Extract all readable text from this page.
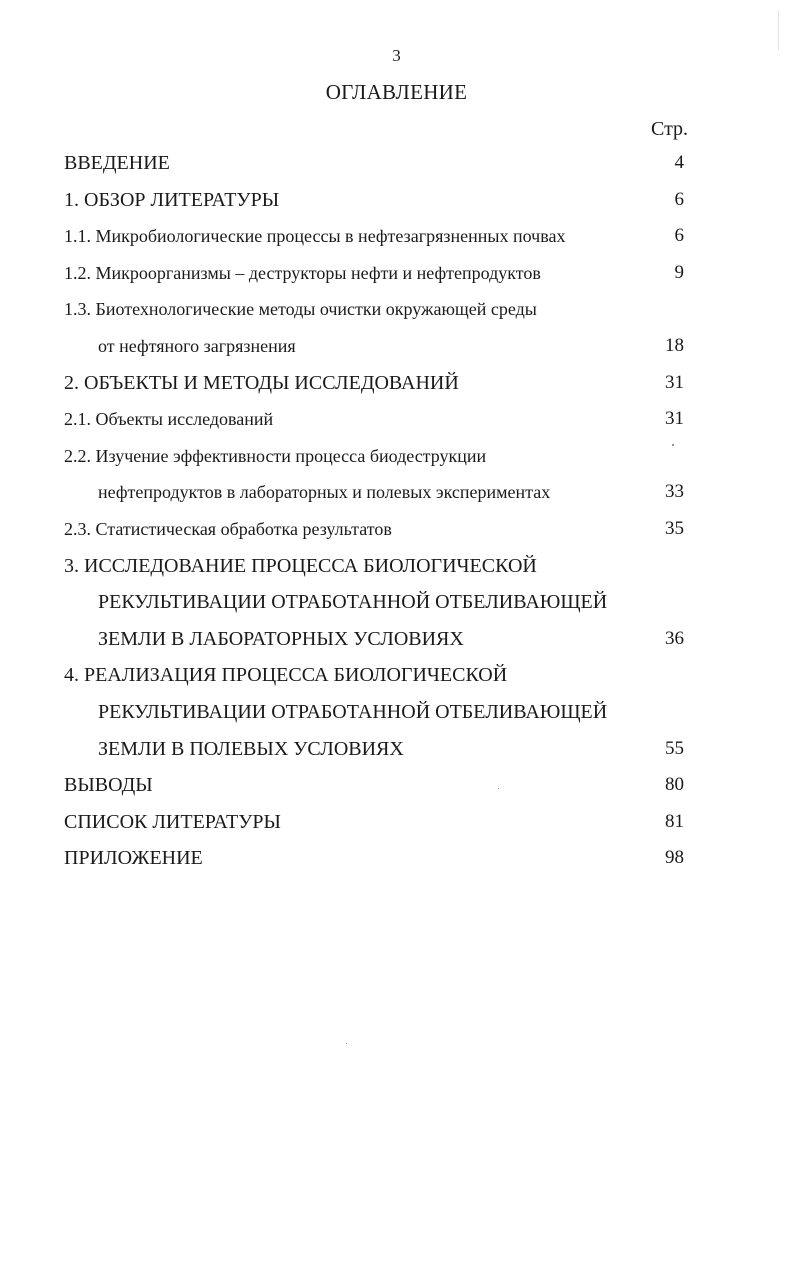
3
ОГЛАВЛЕНИЕ
Стр.
ВВЕДЕНИЕ	4
1. ОБЗОР ЛИТЕРАТУРЫ	6
1.1. Микробиологические процессы в нефтезагрязненных почвах	6
1.2. Микроорганизмы – деструкторы нефти и нефтепродуктов	9
1.3. Биотехнологические методы очистки окружающей среды
от нефтяного загрязнения	18
2. ОБЪЕКТЫ И МЕТОДЫ ИССЛЕДОВАНИЙ	31
2.1. Объекты исследований	31
2.2. Изучение эффективности процесса биодеструкции
нефтепродуктов в лабораторных и полевых экспериментах	33
2.3. Статистическая обработка результатов	35
3. ИССЛЕДОВАНИЕ ПРОЦЕССА БИОЛОГИЧЕСКОЙ
РЕКУЛЬТИВАЦИИ ОТРАБОТАННОЙ ОТБЕЛИВАЮЩЕЙ
ЗЕМЛИ В ЛАБОРАТОРНЫХ УСЛОВИЯХ	36
4. РЕАЛИЗАЦИЯ ПРОЦЕССА БИОЛОГИЧЕСКОЙ
РЕКУЛЬТИВАЦИИ ОТРАБОТАННОЙ ОТБЕЛИВАЮЩЕЙ
ЗЕМЛИ В ПОЛЕВЫХ УСЛОВИЯХ	55
ВЫВОДЫ	80
СПИСОК ЛИТЕРАТУРЫ	81
ПРИЛОЖЕНИЕ	98
